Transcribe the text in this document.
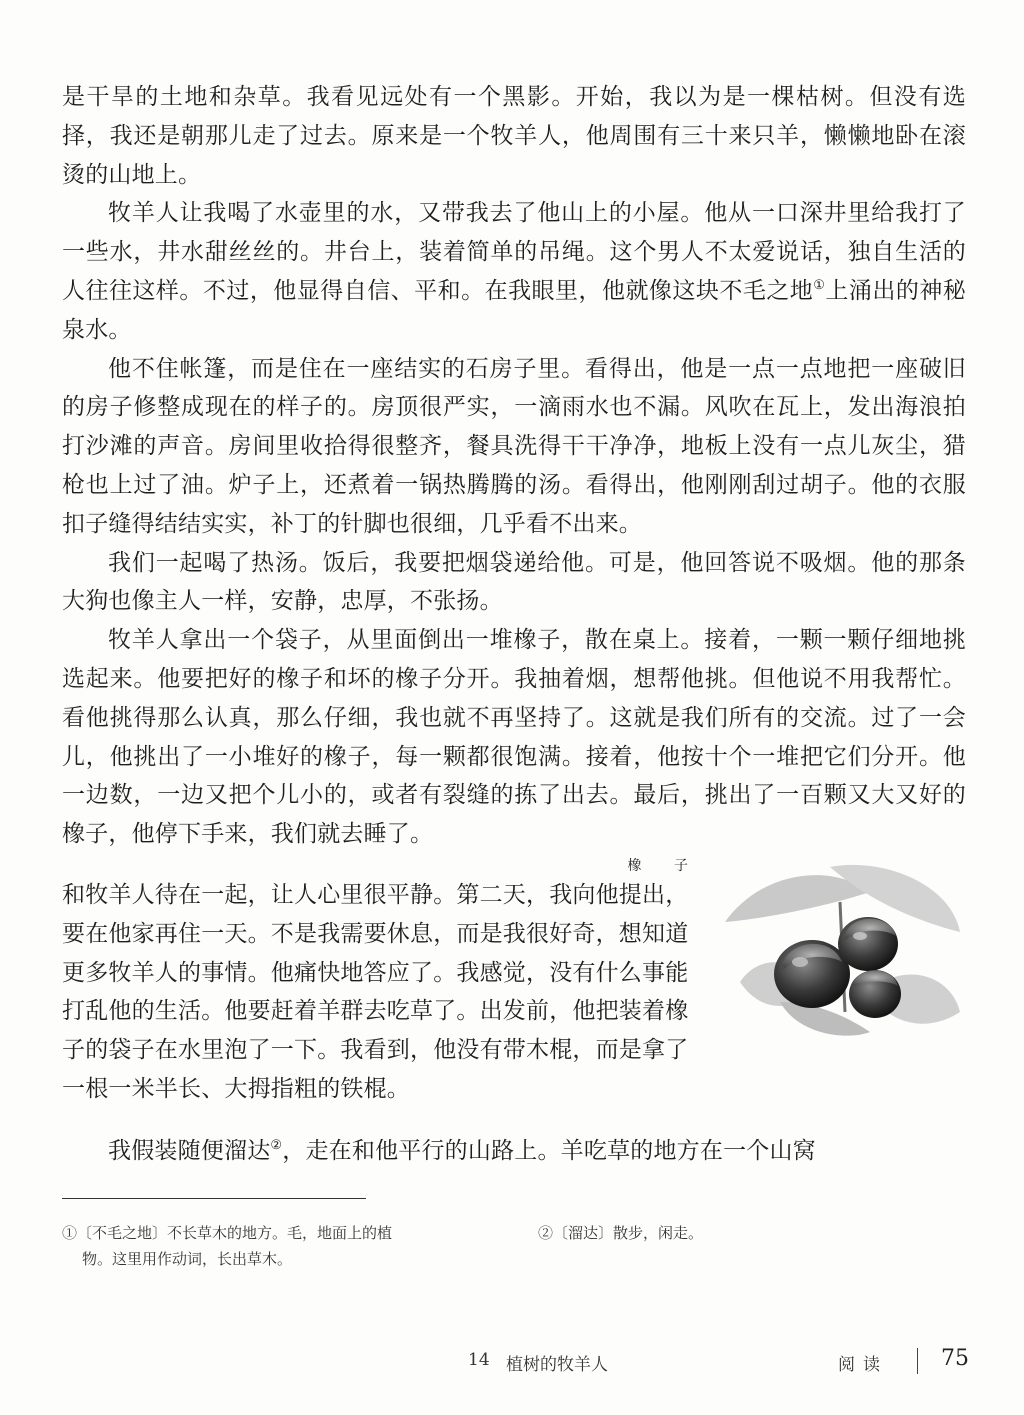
是干旱的土地和杂草。我看见远处有一个黑影。开始，我以为是一棵枯树。但没有选择，我还是朝那儿走了过去。原来是一个牧羊人，他周围有三十来只羊，懒懒地卧在滚烫的山地上。

牧羊人让我喝了水壶里的水，又带我去了他山上的小屋。他从一口深井里给我打了一些水，井水甜丝丝的。井台上，装着简单的吊绳。这个男人不太爱说话，独自生活的人往往这样。不过，他显得自信、平和。在我眼里，他就像这块不毛之地①上涌出的神秘泉水。

他不住帐篷，而是住在一座结实的石房子里。看得出，他是一点一点地把一座破旧的房子修整成现在的样子的。房顶很严实，一滴雨水也不漏。风吹在瓦上，发出海浪拍打沙滩的声音。房间里收拾得很整齐，餐具洗得干干净净，地板上没有一点儿灰尘，猎枪也上过了油。炉子上，还煮着一锅热腾腾的汤。看得出，他刚刚刮过胡子。他的衣服扣子缝得结结实实，补丁的针脚也很细，几乎看不出来。

我们一起喝了热汤。饭后，我要把烟袋递给他。可是，他回答说不吸烟。他的那条大狗也像主人一样，安静，忠厚，不张扬。

牧羊人拿出一个袋子，从里面倒出一堆橡子，散在桌上。接着，一颗一颗仔细地挑选起来。他要把好的橡子和坏的橡子分开。我抽着烟，想帮他挑。但他说不用我帮忙。看他挑得那么认真，那么仔细，我也就不再坚持了。这就是我们所有的交流。过了一会儿，他挑出了一小堆好的橡子，每一颗都很饱满。接着，他按十个一堆把它们分开。他一边数，一边又把个儿小的，或者有裂缝的拣了出去。最后，挑出了一百颗又大又好的橡子，他停下手来，我们就去睡了。

橡 子
和牧羊人待在一起，让人心里很平静。第二天，我向他提出，要在他家再住一天。不是我需要休息，而是我很好奇，想知道更多牧羊人的事情。他痛快地答应了。我感觉，没有什么事能打乱他的生活。他要赶着羊群去吃草了。出发前，他把装着橡子的袋子在水里泡了一下。我看到，他没有带木棍，而是拿了一根一米半长、大拇指粗的铁棍。

我假装随便溜达②，走在和他平行的山路上。羊吃草的地方在一个山窝

①〔不毛之地〕不长草木的地方。毛，地面上的植
物。这里用作动词，长出草木。
②〔溜达〕散步，闲走。
14 植树的牧羊人	阅读 75
